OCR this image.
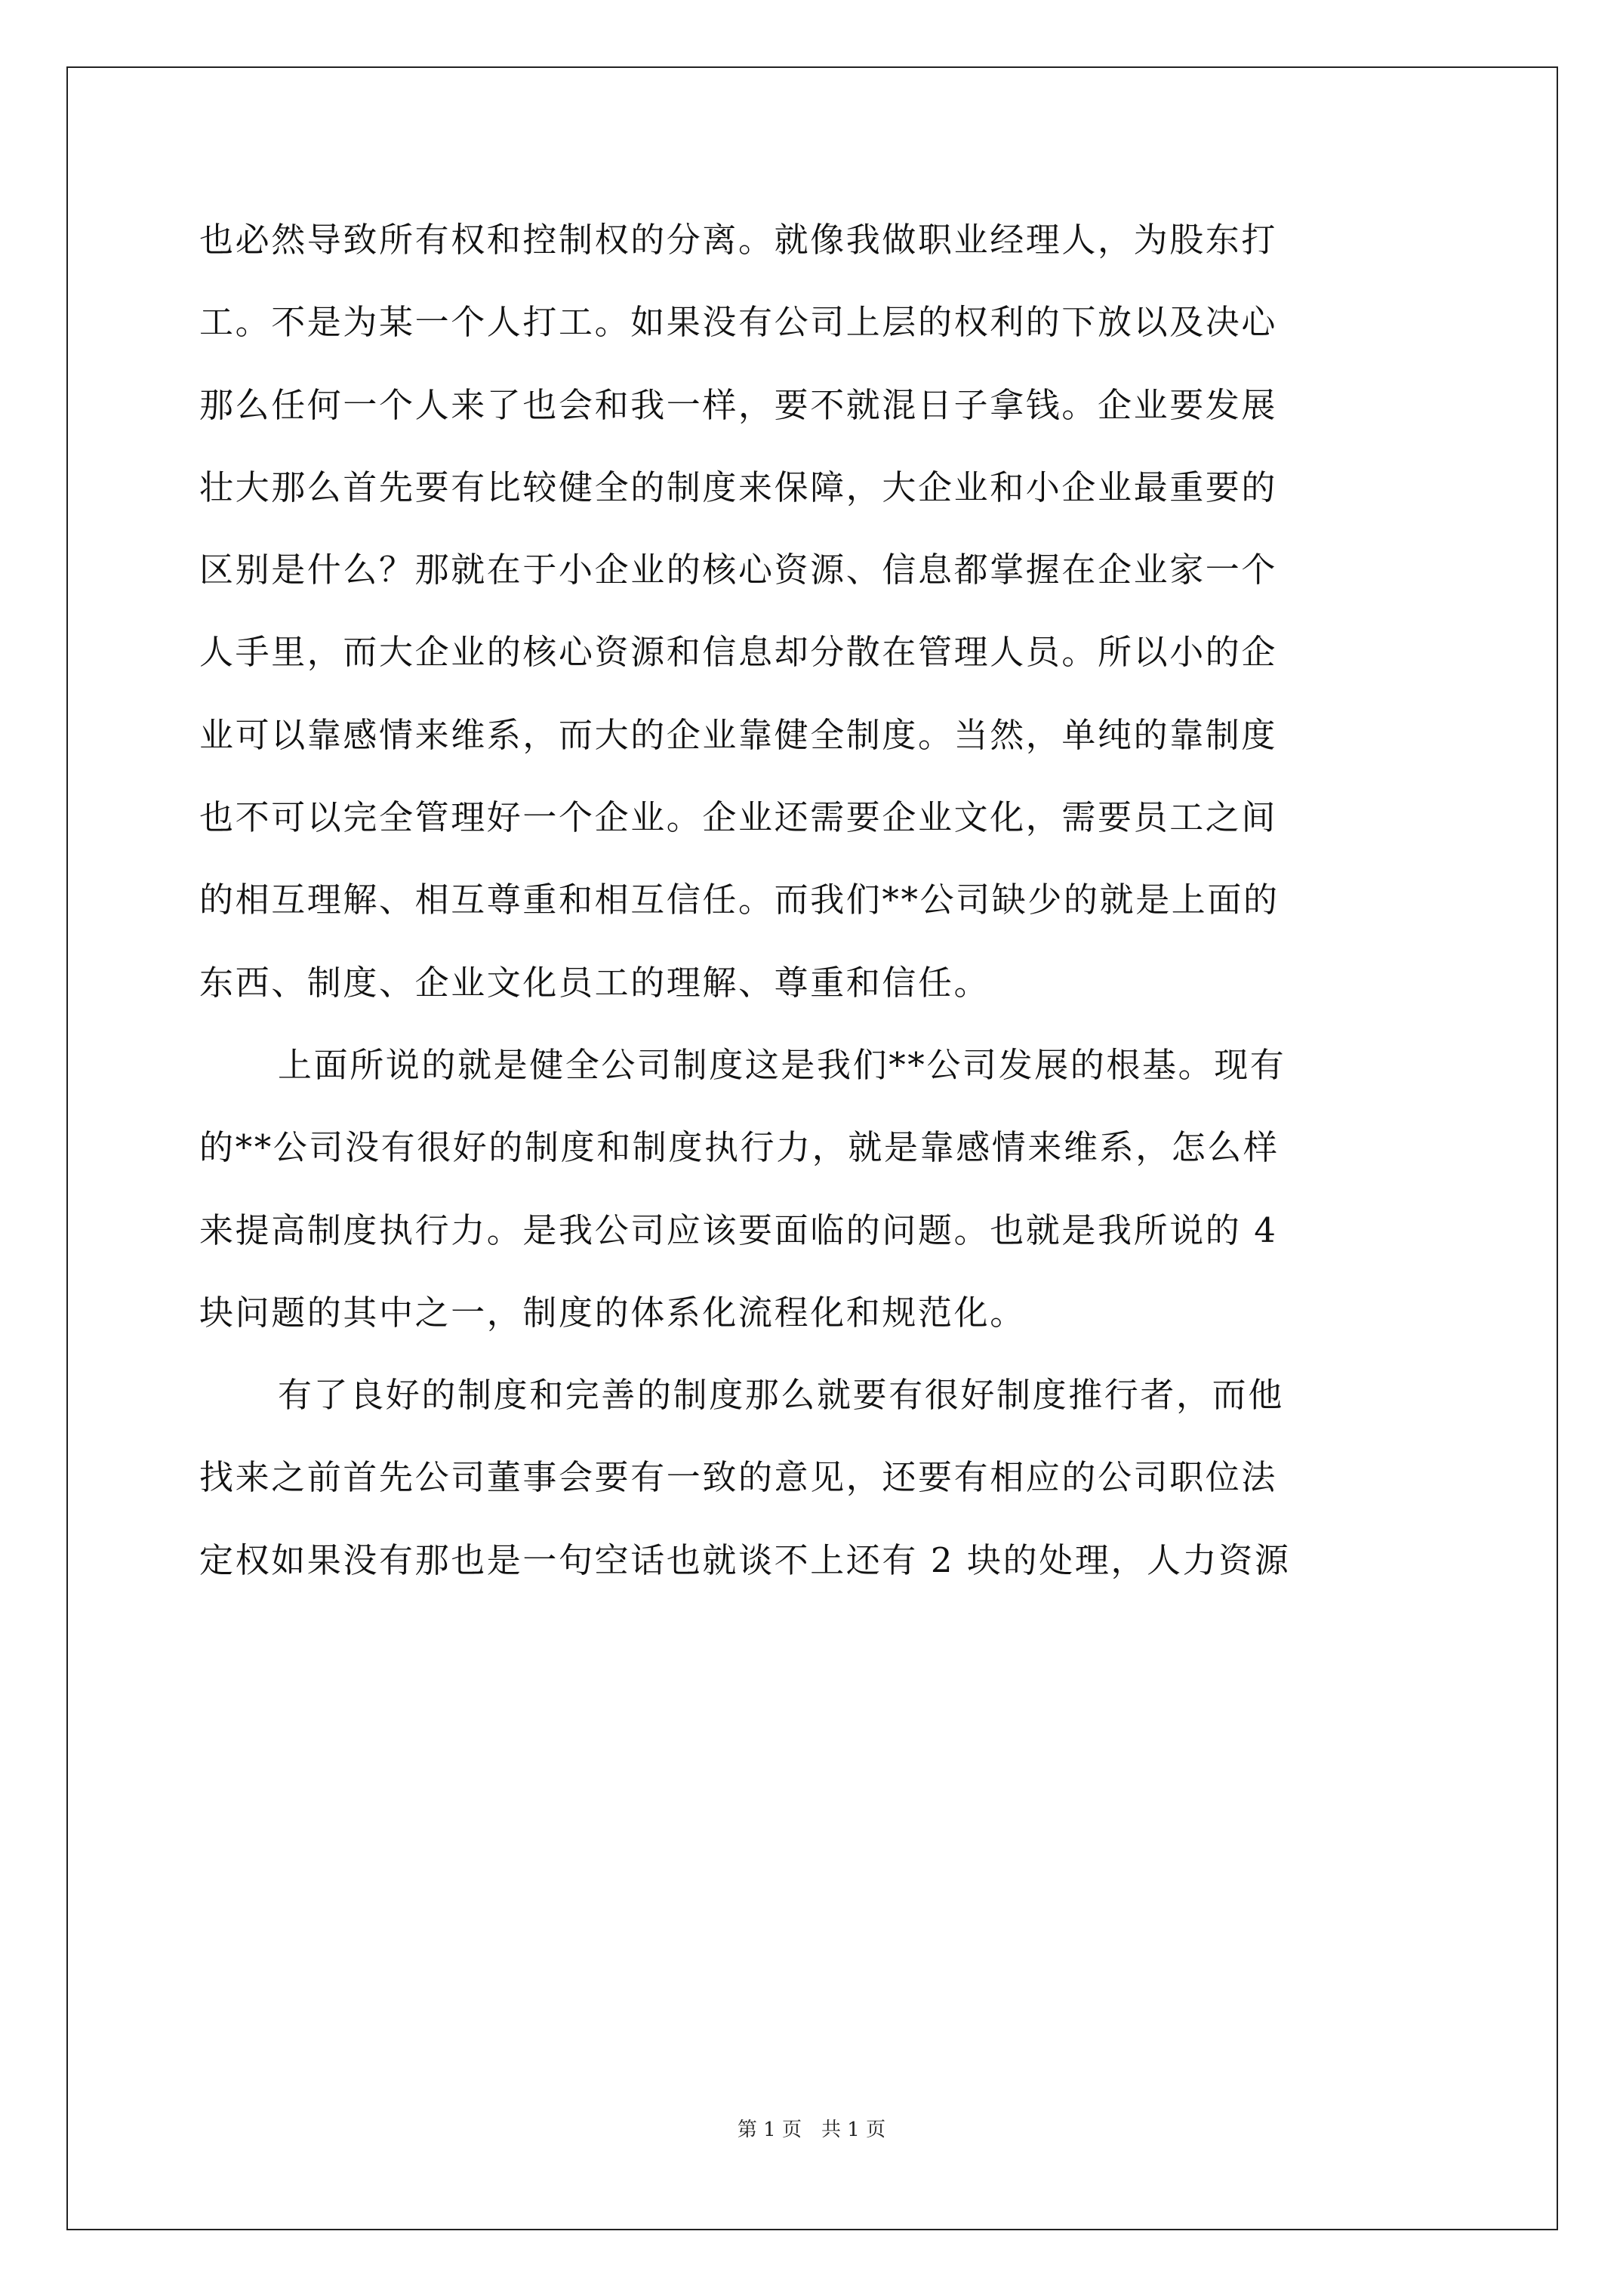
也必然导致所有权和控制权的分离。就像我做职业经理人，为股东打
工。不是为某一个人打工。如果没有公司上层的权利的下放以及决心
那么任何一个人来了也会和我一样，要不就混日子拿钱。企业要发展
壮大那么首先要有比较健全的制度来保障，大企业和小企业最重要的
区别是什么？那就在于小企业的核心资源、信息都掌握在企业家一个
人手里，而大企业的核心资源和信息却分散在管理人员。所以小的企
业可以靠感情来维系，而大的企业靠健全制度。当然，单纯的靠制度
也不可以完全管理好一个企业。企业还需要企业文化，需要员工之间
的相互理解、相互尊重和相互信任。而我们**公司缺少的就是上面的
东西、制度、企业文化员工的理解、尊重和信任。
上面所说的就是健全公司制度这是我们**公司发展的根基。现有
的**公司没有很好的制度和制度执行力，就是靠感情来维系，怎么样
来提高制度执行力。是我公司应该要面临的问题。也就是我所说的 4
块问题的其中之一，制度的体系化流程化和规范化。
有了良好的制度和完善的制度那么就要有很好制度推行者，而他
找来之前首先公司董事会要有一致的意见，还要有相应的公司职位法
定权如果没有那也是一句空话也就谈不上还有 2 块的处理，人力资源
第 1 页　共 1 页
